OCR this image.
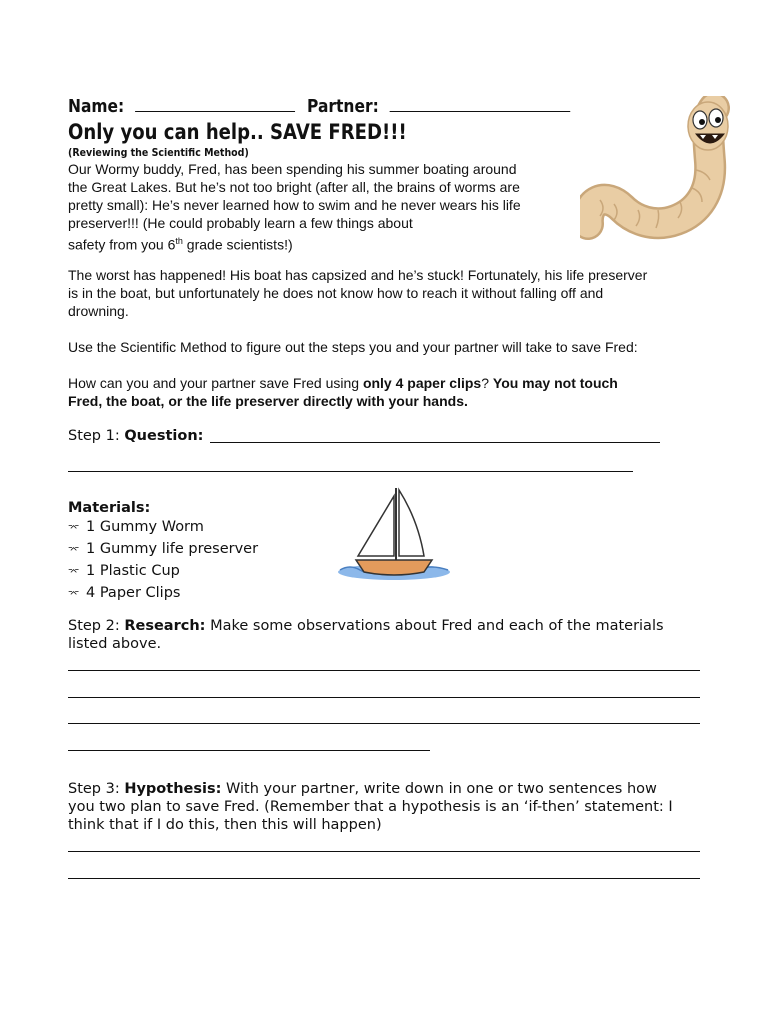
Name:	Partner:
Only you can help.. SAVE FRED!!!
(Reviewing the Scientific Method)
Our Wormy buddy, Fred, has been spending his summer boating around
the Great Lakes. But he’s not too bright (after all, the brains of worms are
pretty small): He’s never learned how to swim and he never wears his life
preserver!!! (He could probably learn a few things about
safety from you 6th grade scientists!)
The worst has happened! His boat has capsized and he’s stuck! Fortunately, his life preserver
is in the boat, but unfortunately he does not know how to reach it without falling off and
drowning.
Use the Scientific Method to figure out the steps you and your partner will take to save Fred:
How can you and your partner save Fred using only 4 paper clips? You may not touch
Fred, the boat, or the life preserver directly with your hands.
Step 1: Question:
Materials:
⌤ 1 Gummy Worm
⌤ 1 Gummy life preserver
⌤ 1 Plastic Cup
⌤ 4 Paper Clips
Step 2: Research: Make some observations about Fred and each of the materials
listed above.
Step 3: Hypothesis: With your partner, write down in one or two sentences how
you two plan to save Fred. (Remember that a hypothesis is an ‘if-then’ statement: I
think that if I do this, then this will happen)
